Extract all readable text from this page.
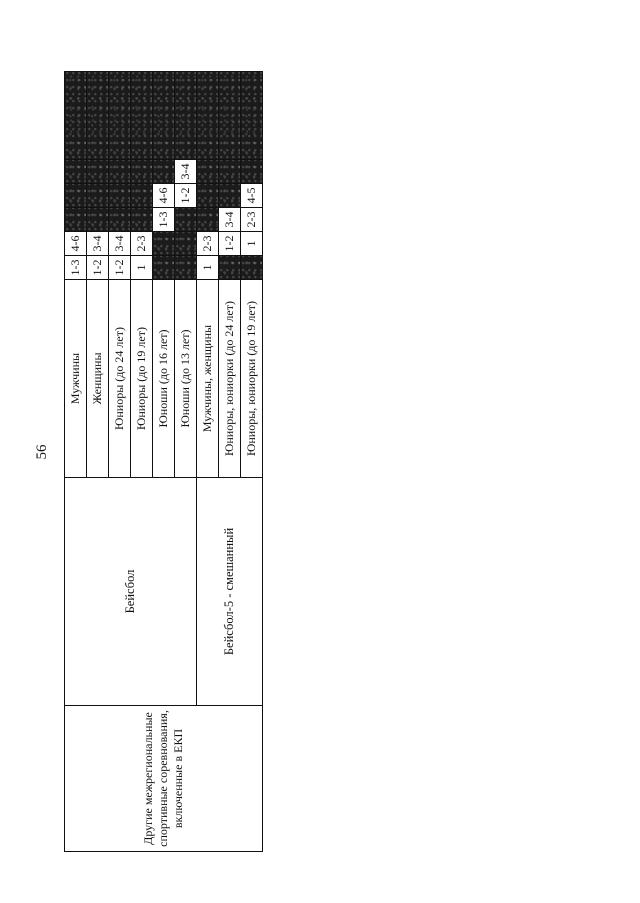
56
Другие межрегиональные спортивные соревнования, включенные в ЕКП	Бейсбол	Мужчины	1-3	4-6				
		Женщины	1-2	3-4				
		Юниоры (до 24 лет)	1-2	3-4				
		Юниоры (до 19 лет)	1	2-3				
		Юноши (до 16 лет)			1-3	4-6		
		Юноши (до 13 лет)				1-2	3-4	
	Бейсбол-5 - смешанный	Мужчины, женщины	1	2-3				
		Юниоры, юниорки (до 24 лет)		1-2	3-4			
		Юниоры, юниорки (до 19 лет)		1	2-3	4-5		
